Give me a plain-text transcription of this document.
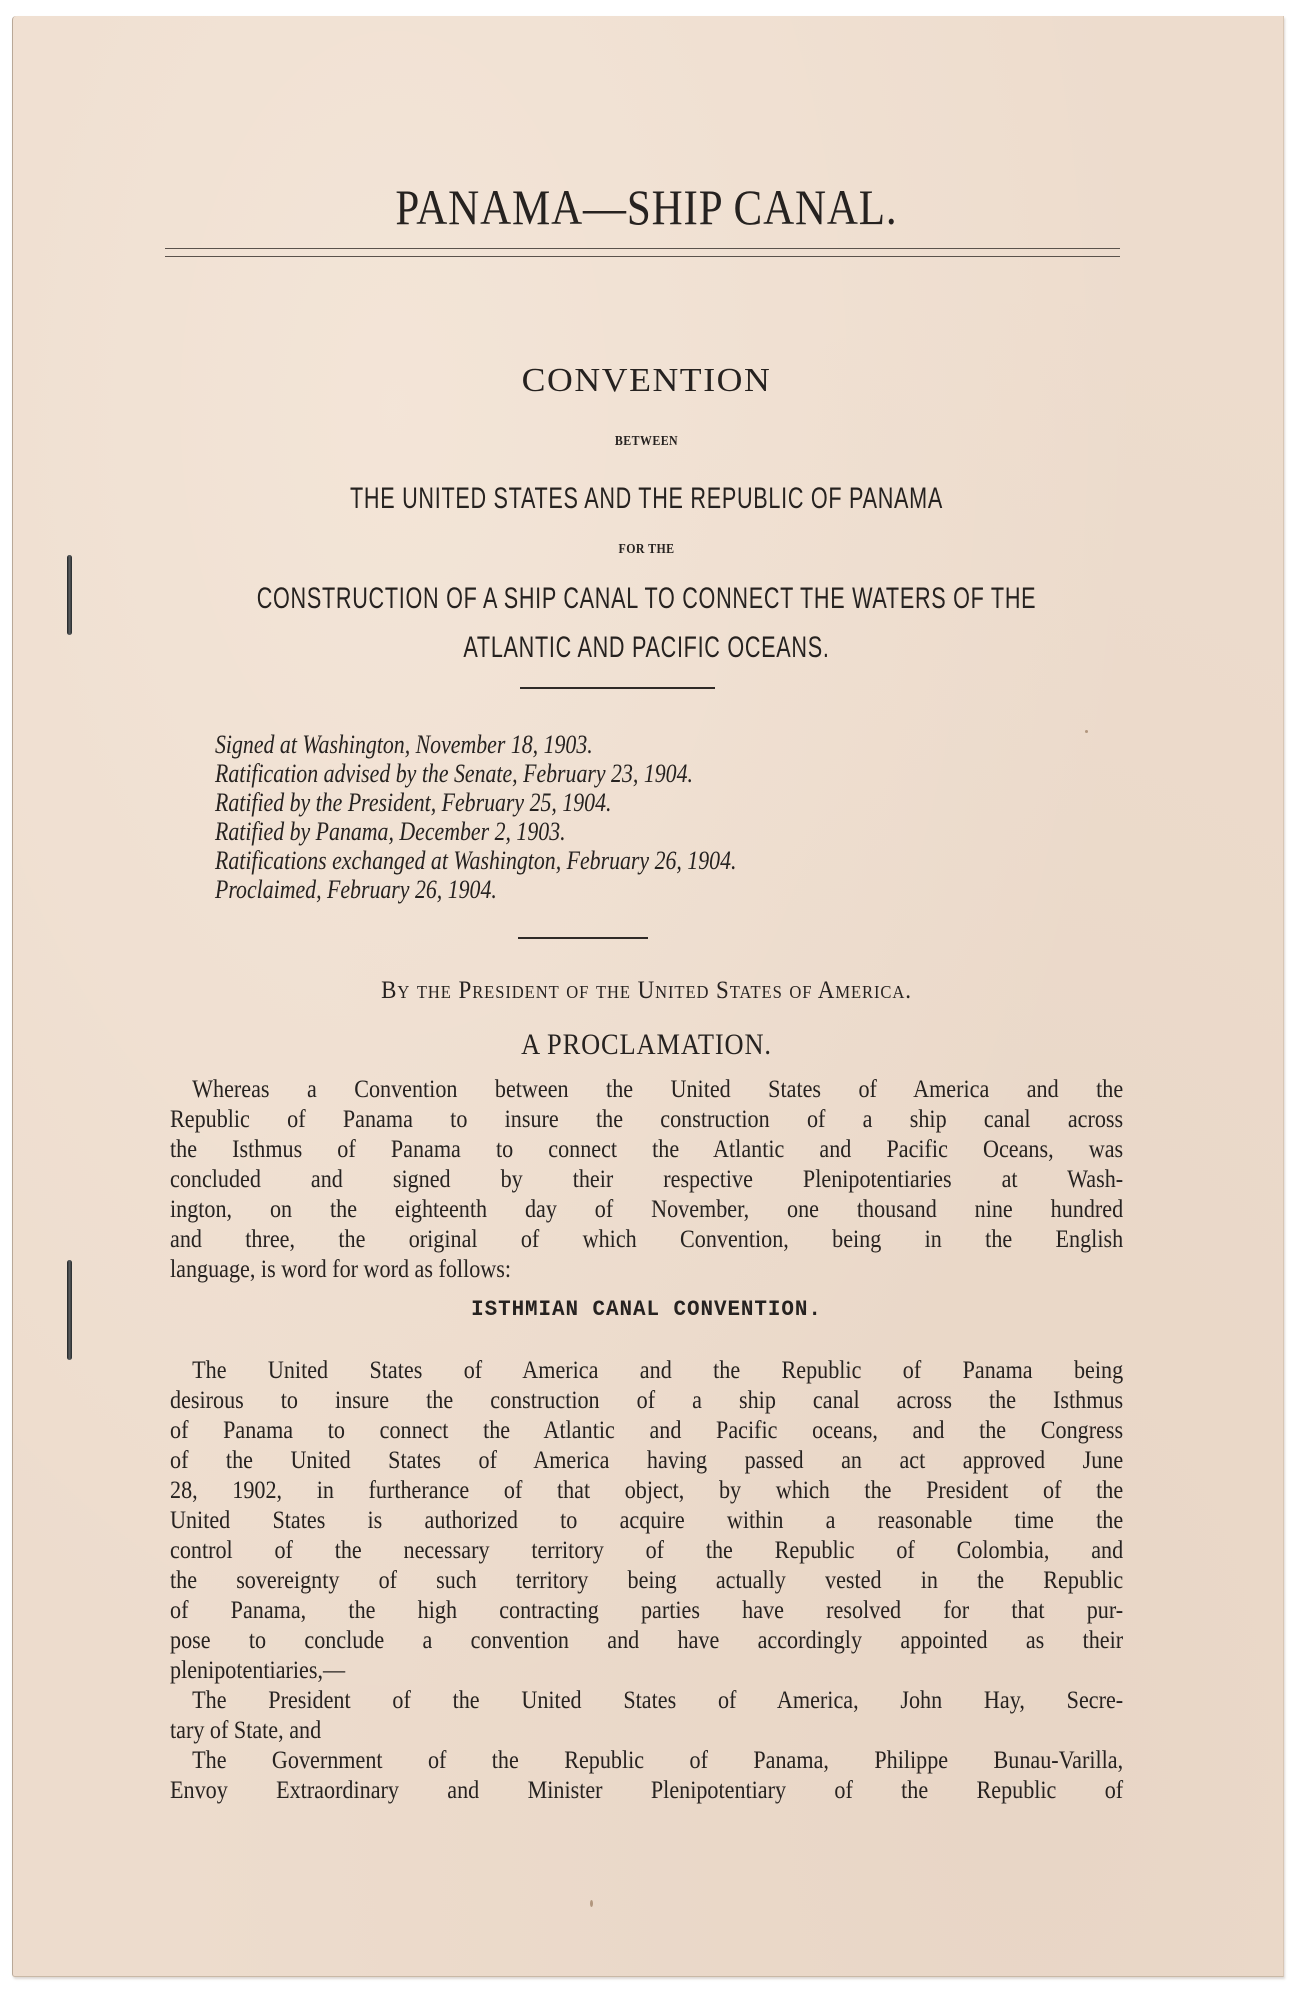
PANAMA—SHIP CANAL.
CONVENTION
BETWEEN
THE UNITED STATES AND THE REPUBLIC OF PANAMA
FOR THE
CONSTRUCTION OF A SHIP CANAL TO CONNECT THE WATERS OF THE
ATLANTIC AND PACIFIC OCEANS.
Signed at Washington, November 18, 1903.
Ratification advised by the Senate, February 23, 1904.
Ratified by the President, February 25, 1904.
Ratified by Panama, December 2, 1903.
Ratifications exchanged at Washington, February 26, 1904.
Proclaimed, February 26, 1904.
By the President of the United States of America.
A PROCLAMATION.
Whereas a Convention between the United States of America and the
Republic of Panama to insure the construction of a ship canal across
the Isthmus of Panama to connect the Atlantic and Pacific Oceans, was
concluded and signed by their respective Plenipotentiaries at Wash-
ington, on the eighteenth day of November, one thousand nine hundred
and three, the original of which Convention, being in the English
language, is word for word as follows:
ISTHMIAN CANAL CONVENTION.
The United States of America and the Republic of Panama being
desirous to insure the construction of a ship canal across the Isthmus
of Panama to connect the Atlantic and Pacific oceans, and the Congress
of the United States of America having passed an act approved June
28, 1902, in furtherance of that object, by which the President of the
United States is authorized to acquire within a reasonable time the
control of the necessary territory of the Republic of Colombia, and
the sovereignty of such territory being actually vested in the Republic
of Panama, the high contracting parties have resolved for that pur-
pose to conclude a convention and have accordingly appointed as their
plenipotentiaries,—
The President of the United States of America, John Hay, Secre-
tary of State, and
The Government of the Republic of Panama, Philippe Bunau-Varilla,
Envoy Extraordinary and Minister Plenipotentiary of the Republic of
